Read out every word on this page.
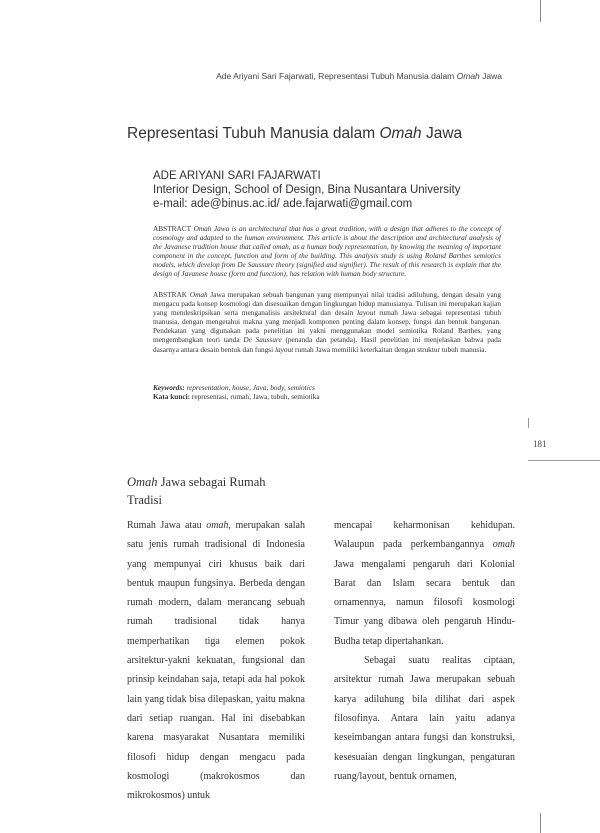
Ade Ariyani Sari Fajarwati, Representasi Tubuh Manusia dalam Omah Jawa
Representasi Tubuh Manusia dalam Omah Jawa
ADE ARIYANI SARI FAJARWATI
Interior Design, School of Design, Bina Nusantara University
e-mail: ade@binus.ac.id/ ade.fajarwati@gmail.com
ABSTRACT Omah Jawa is an architectural that has a great tradition, with a design that adheres to the concept of cosmology and adapted to the human environment. This article is about the description and architectural analysis of the Javanese tradition house that called omah, as a human body representation, by knowing the meaning of important component in the concept, function and form of the building. This analysis study is using Roland Barthes semiotics models, which develop from De Saussure theory (signified and signifier). The result of this research is explain that the design of Javanese house (form and function), has relation with human body structure.
ABSTRAK Omah Jawa merupakan sebuah bangunan yang mempunyai nilai tradisi adiluhung, dengan desain yang mengacu pada konsep kosmologi dan disesuaikan dengan lingkungan hidup manusianya. Tulisan ini merupakan kajian yang mendeskripsikan serta menganalisis arsitektural dan desain layout rumah Jawa sebagai representasi tubuh manusia, dengan mengetahui makna yang menjadi komponen penting dalam konsep, fungsi dan bentuk bangunan. Pendekatan yang digunakan pada penelitian ini yakni menggunakan model semiotika Roland Barthes, yang mengembangkan teori tanda De Saussure (penanda dan petanda). Hasil penelitian ini menjelaskan bahwa pada dasarnya antara desain bentuk dan fungsi layout rumah Jawa memiliki keterkaitan dengan struktur tubuh manusia.
Keywords: representation, house, Java, body, semiotics
Kata kunci: representasi, rumah, Jawa, tubuh, semiotika
181
Omah Jawa sebagai Rumah
Tradisi

Rumah Jawa atau omah, merupakan salah satu jenis rumah tradisional di Indonesia yang mempunyai ciri khusus baik dari bentuk maupun fungsinya. Berbeda dengan rumah modern, dalam merancang sebuah rumah tradisional tidak hanya memperhatikan tiga elemen pokok arsitektur-yakni kekuatan, fungsional dan prinsip keindahan saja, tetapi ada hal pokok lain yang tidak bisa dilepaskan, yaitu makna dari setiap ruangan. Hal ini disebabkan karena masyarakat Nusantara memiliki filosofi hidup dengan mengacu pada kosmologi (makrokosmos dan mikrokosmos) untuk

mencapai keharmonisan kehidupan. Walaupun pada perkembangannya omah Jawa mengalami pengaruh dari Kolonial Barat dan Islam secara bentuk dan ornamennya, namun filosofi kosmologi Timur yang dibawa oleh pengaruh Hindu-Budha tetap dipertahankan.

Sebagai suatu realitas ciptaan, arsitektur rumah Jawa merupakan sebuah karya adiluhung bila dilihat dari aspek filosofinya. Antara lain yaitu adanya keseimbangan antara fungsi dan konstruksi, kesesuaian dengan lingkungan, pengaturan ruang/layout, bentuk ornamen,
